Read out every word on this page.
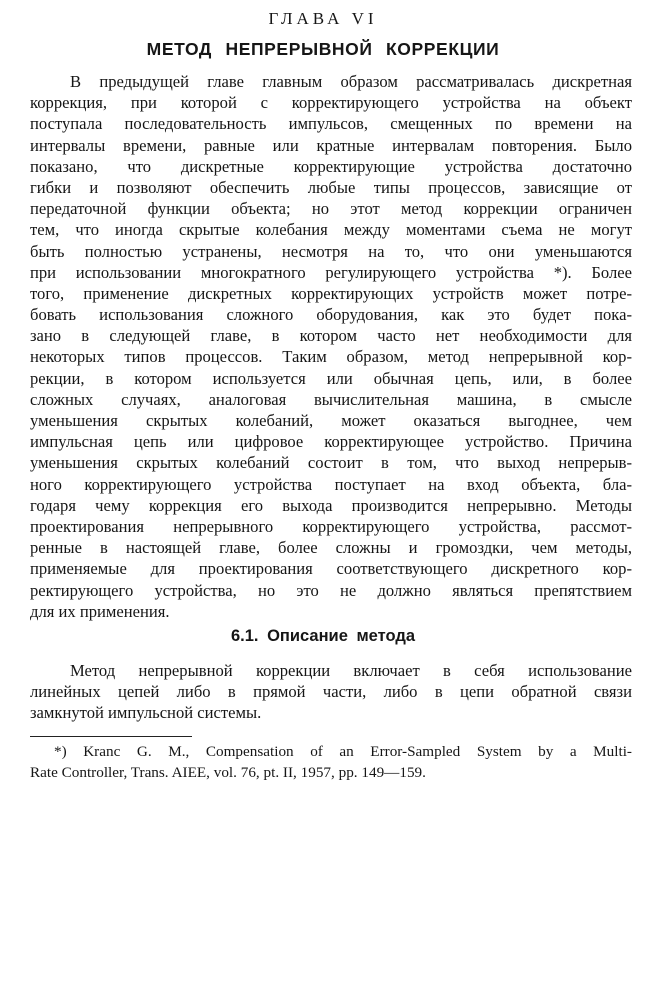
ГЛАВА VI
МЕТОД НЕПРЕРЫВНОЙ КОРРЕКЦИИ
В предыдущей главе главным образом рассматривалась дискретная
коррекция, при которой с корректирующего устройства на объект
поступала последовательность импульсов, смещенных по времени на
интервалы времени, равные или кратные интервалам повторения. Было
показано, что дискретные корректирующие устройства достаточно
гибки и позволяют обеспечить любые типы процессов, зависящие от
передаточной функции объекта; но этот метод коррекции ограничен
тем, что иногда скрытые колебания между моментами съема не могут
быть полностью устранены, несмотря на то, что они уменьшаются
при использовании многократного регулирующего устройства *). Более
того, применение дискретных корректирующих устройств может потре-
бовать использования сложного оборудования, как это будет пока-
зано в следующей главе, в котором часто нет необходимости для
некоторых типов процессов. Таким образом, метод непрерывной кор-
рекции, в котором используется или обычная цепь, или, в более
сложных случаях, аналоговая вычислительная машина, в смысле
уменьшения скрытых колебаний, может оказаться выгоднее, чем
импульсная цепь или цифровое корректирующее устройство. Причина
уменьшения скрытых колебаний состоит в том, что выход непрерыв-
ного корректирующего устройства поступает на вход объекта, бла-
годаря чему коррекция его выхода производится непрерывно. Методы
проектирования непрерывного корректирующего устройства, рассмот-
ренные в настоящей главе, более сложны и громоздки, чем методы,
применяемые для проектирования соответствующего дискретного кор-
ректирующего устройства, но это не должно являться препятствием
для их применения.
6.1. Описание метода
Метод непрерывной коррекции включает в себя использование
линейных цепей либо в прямой части, либо в цепи обратной связи
замкнутой импульсной системы.
*) Kranc G. M., Compensation of an Error-Sampled System by a Multi-
Rate Controller, Trans. AIEE, vol. 76, pt. II, 1957, pp. 149—159.
